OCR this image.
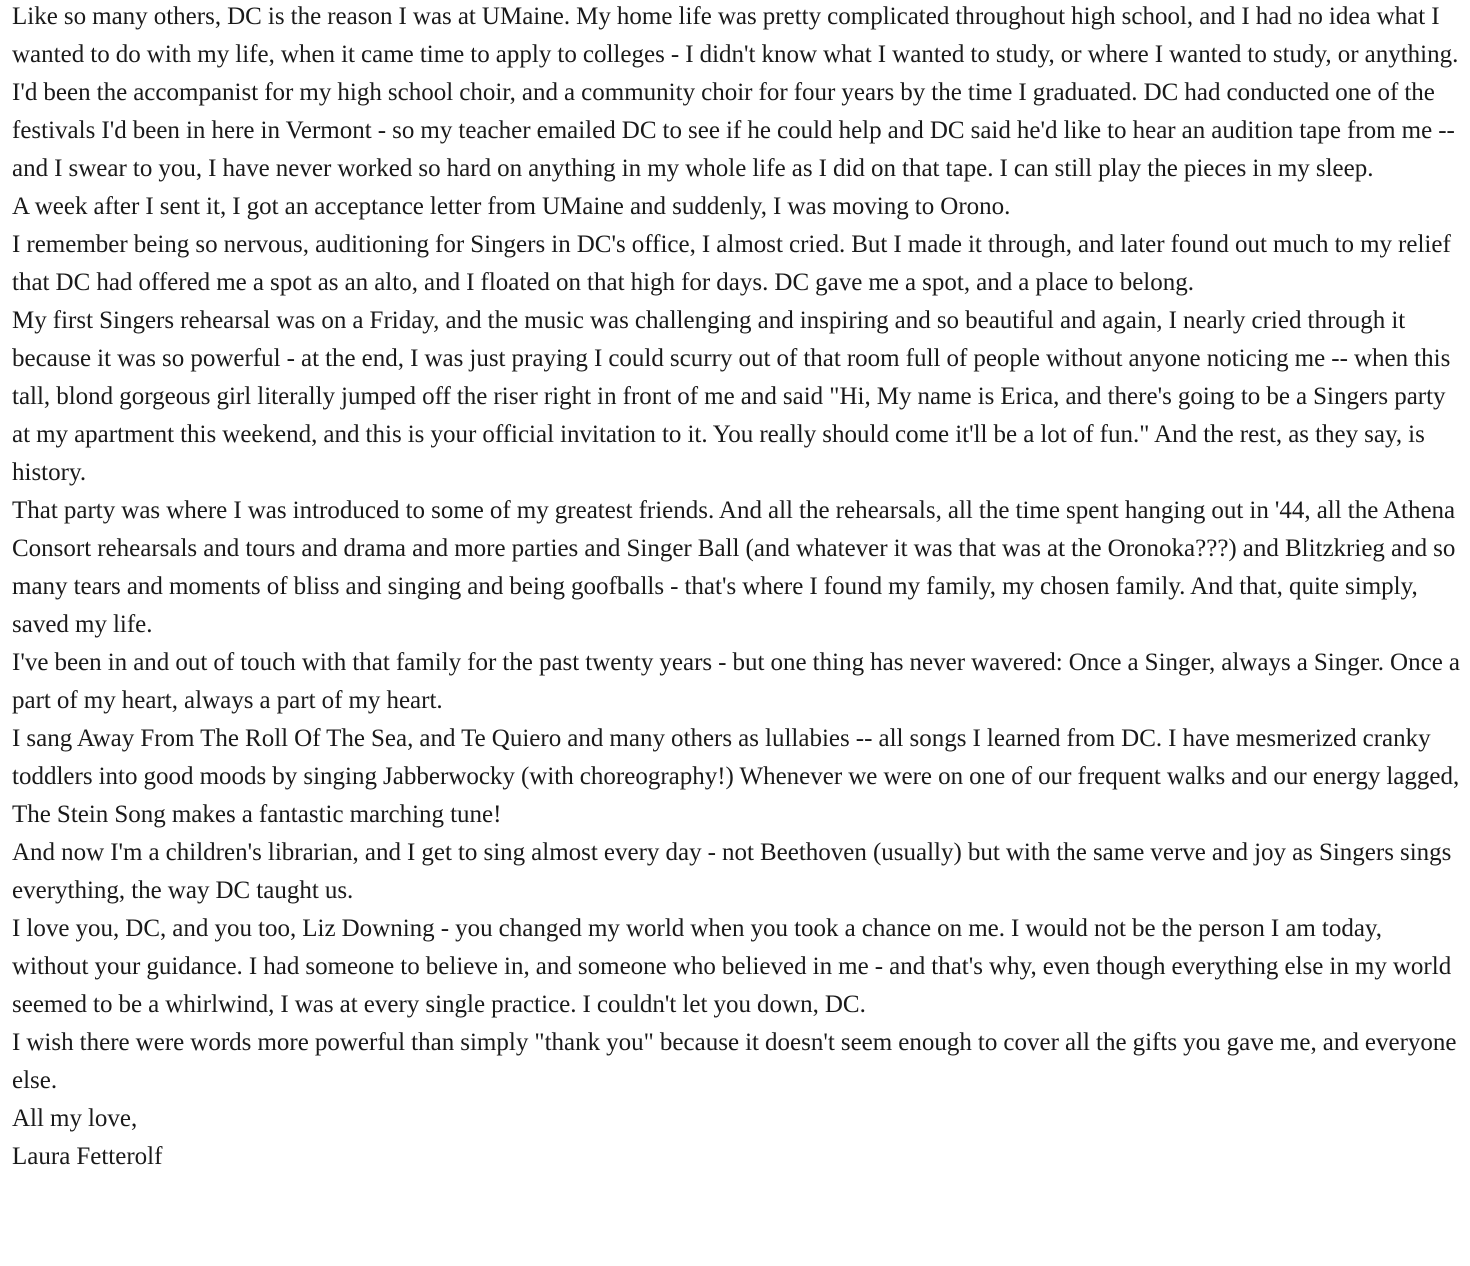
Like so many others, DC is the reason I was at UMaine. My home life was pretty complicated throughout high school, and I had no idea what I wanted to do with my life, when it came time to apply to colleges - I didn't know what I wanted to study, or where I wanted to study, or anything. I'd been the accompanist for my high school choir, and a community choir for four years by the time I graduated. DC had conducted one of the festivals I'd been in here in Vermont - so my teacher emailed DC to see if he could help and DC said he'd like to hear an audition tape from me -- and I swear to you, I have never worked so hard on anything in my whole life as I did on that tape. I can still play the pieces in my sleep.

A week after I sent it, I got an acceptance letter from UMaine and suddenly, I was moving to Orono.

I remember being so nervous, auditioning for Singers in DC's office, I almost cried. But I made it through, and later found out much to my relief that DC had offered me a spot as an alto, and I floated on that high for days. DC gave me a spot, and a place to belong.

My first Singers rehearsal was on a Friday, and the music was challenging and inspiring and so beautiful and again, I nearly cried through it because it was so powerful - at the end, I was just praying I could scurry out of that room full of people without anyone noticing me -- when this tall, blond gorgeous girl literally jumped off the riser right in front of me and said "Hi, My name is Erica, and there's going to be a Singers party at my apartment this weekend, and this is your official invitation to it. You really should come it'll be a lot of fun." And the rest, as they say, is history.

That party was where I was introduced to some of my greatest friends. And all the rehearsals, all the time spent hanging out in '44, all the Athena Consort rehearsals and tours and drama and more parties and Singer Ball (and whatever it was that was at the Oronoka???) and Blitzkrieg and so many tears and moments of bliss and singing and being goofballs - that's where I found my family, my chosen family. And that, quite simply, saved my life.

I've been in and out of touch with that family for the past twenty years - but one thing has never wavered: Once a Singer, always a Singer. Once a part of my heart, always a part of my heart.

I sang Away From The Roll Of The Sea, and Te Quiero and many others as lullabies -- all songs I learned from DC. I have mesmerized cranky toddlers into good moods by singing Jabberwocky (with choreography!) Whenever we were on one of our frequent walks and our energy lagged, The Stein Song makes a fantastic marching tune!

And now I'm a children's librarian, and I get to sing almost every day - not Beethoven (usually) but with the same verve and joy as Singers sings everything, the way DC taught us.

I love you, DC, and you too, Liz Downing - you changed my world when you took a chance on me. I would not be the person I am today, without your guidance. I had someone to believe in, and someone who believed in me - and that's why, even though everything else in my world seemed to be a whirlwind, I was at every single practice. I couldn't let you down, DC.

I wish there were words more powerful than simply "thank you" because it doesn't seem enough to cover all the gifts you gave me, and everyone else.

All my love,

Laura Fetterolf
